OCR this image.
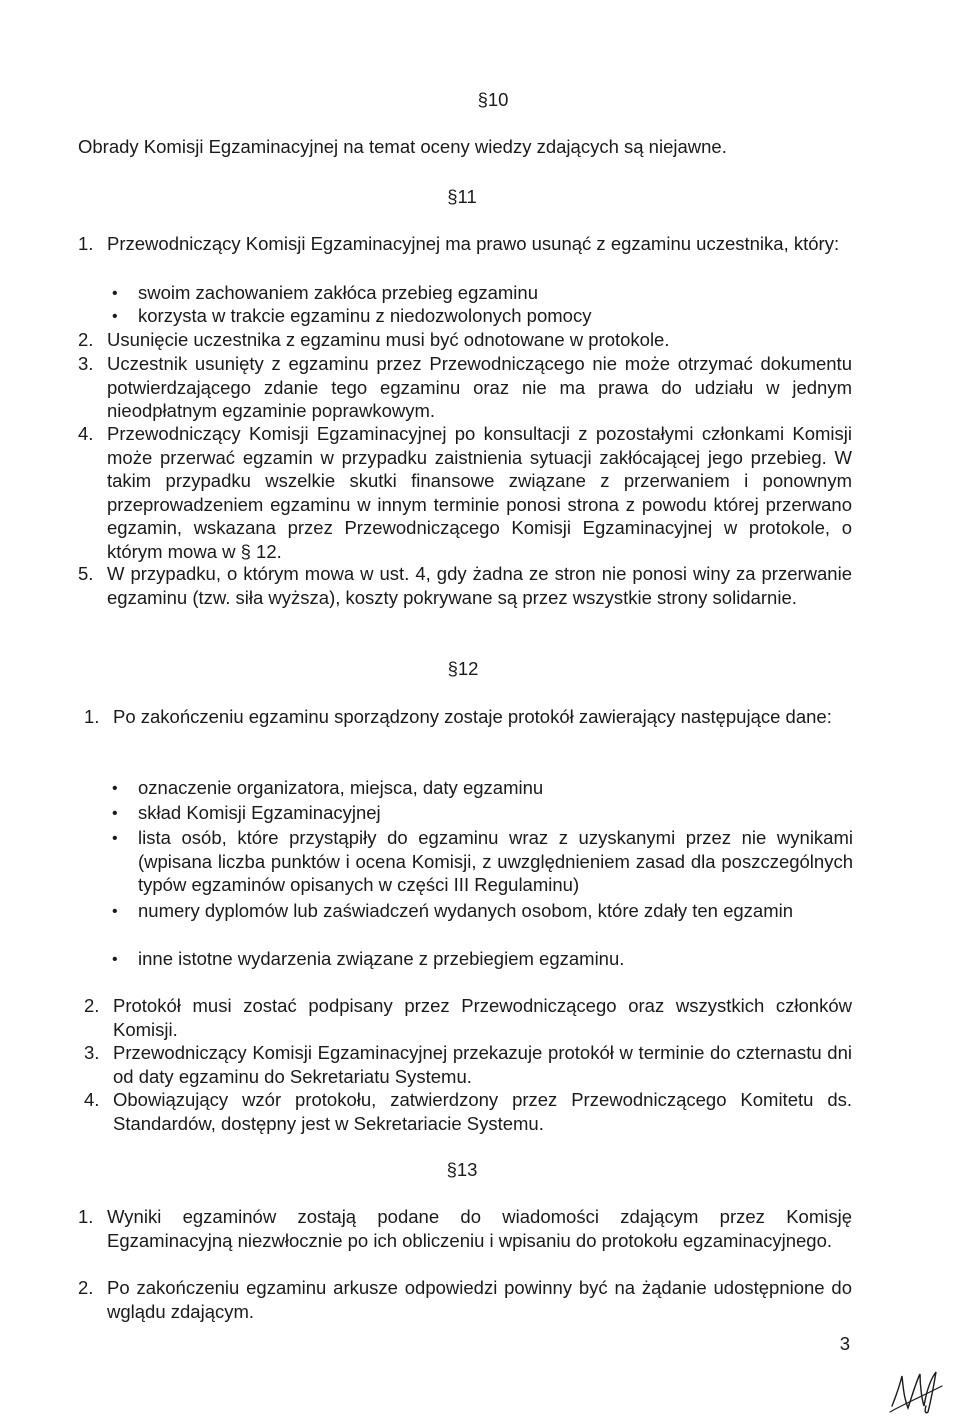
§10
Obrady Komisji Egzaminacyjnej na temat oceny wiedzy zdających są niejawne.
§11
1. Przewodniczący Komisji Egzaminacyjnej ma prawo usunąć z egzaminu uczestnika, który:
• swoim zachowaniem zakłóca przebieg egzaminu
• korzysta w trakcie egzaminu z niedozwolonych pomocy
2. Usunięcie uczestnika z egzaminu musi być odnotowane w protokole.
3. Uczestnik usunięty z egzaminu przez Przewodniczącego nie może otrzymać dokumentu potwierdzającego zdanie tego egzaminu oraz nie ma prawa do udziału w jednym nieodpłatnym egzaminie poprawkowym.
4. Przewodniczący Komisji Egzaminacyjnej po konsultacji z pozostałymi członkami Komisji może przerwać egzamin w przypadku zaistnienia sytuacji zakłócającej jego przebieg. W takim przypadku wszelkie skutki finansowe związane z przerwaniem i ponownym przeprowadzeniem egzaminu w innym terminie ponosi strona z powodu której przerwano egzamin, wskazana przez Przewodniczącego Komisji Egzaminacyjnej w protokole, o którym mowa w § 12.
5. W przypadku, o którym mowa w ust. 4, gdy żadna ze stron nie ponosi winy za przerwanie egzaminu (tzw. siła wyższa), koszty pokrywane są przez wszystkie strony solidarnie.
§12
1. Po zakończeniu egzaminu sporządzony zostaje protokół zawierający następujące dane:
• oznaczenie organizatora, miejsca, daty egzaminu
• skład Komisji Egzaminacyjnej
• lista osób, które przystąpiły do egzaminu wraz z uzyskanymi przez nie wynikami (wpisana liczba punktów i ocena Komisji, z uwzględnieniem zasad dla poszczególnych typów egzaminów opisanych w części III Regulaminu)
• numery dyplomów lub zaświadczeń wydanych osobom, które zdały ten egzamin
• inne istotne wydarzenia związane z przebiegiem egzaminu.
2. Protokół musi zostać podpisany przez Przewodniczącego oraz wszystkich członków Komisji.
3. Przewodniczący Komisji Egzaminacyjnej przekazuje protokół w terminie do czternastu dni od daty egzaminu do Sekretariatu Systemu.
4. Obowiązujący wzór protokołu, zatwierdzony przez Przewodniczącego Komitetu ds. Standardów, dostępny jest w Sekretariacie Systemu.
§13
1. Wyniki egzaminów zostają podane do wiadomości zdającym przez Komisję Egzaminacyjną niezwłocznie po ich obliczeniu i wpisaniu do protokołu egzaminacyjnego.
2. Po zakończeniu egzaminu arkusze odpowiedzi powinny być na żądanie udostępnione do wglądu zdającym.
3
